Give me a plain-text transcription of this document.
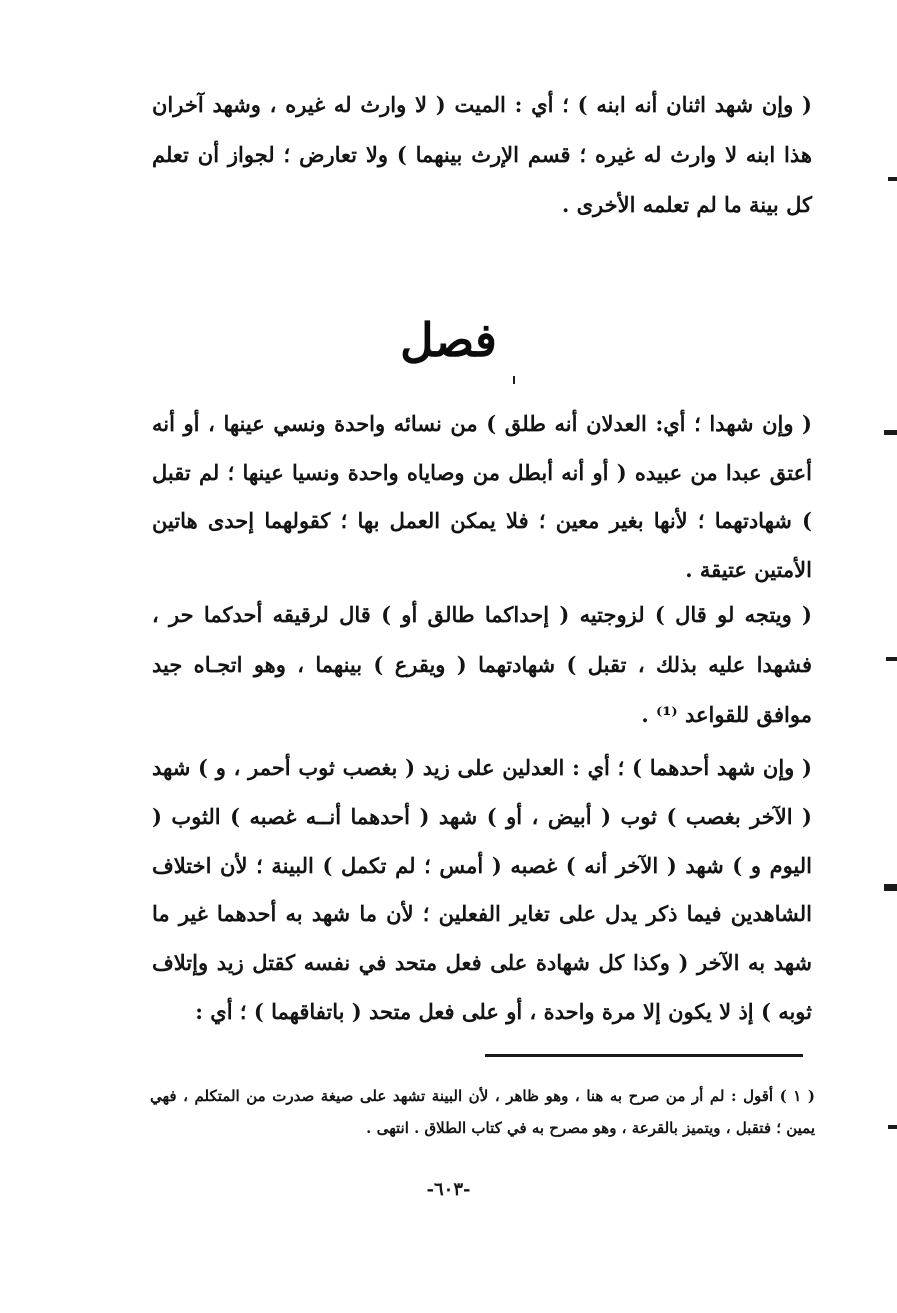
( وإن شهد اثنان أنه ابنه ) ؛ أي : الميت ( لا وارث له غيره ، وشهد آخران هذا ابنه لا وارث له غيره ؛ قسم الإرث بينهما ) ولا تعارض ؛ لجواز أن تعلم كل بينة ما لم تعلمه الأخرى .

فصل

( وإن شهدا ؛ أي: العدلان أنه طلق ) من نسائه واحدة ونسي عينها ، أو أنه أعتق عبدا من عبيده ( أو أنه أبطل من وصاياه واحدة ونسيا عينها ؛ لم تقبل ) شهادتهما ؛ لأنها بغير معين ؛ فلا يمكن العمل بها ؛ كقولهما إحدى هاتين الأمتين عتيقة .

( ويتجه لو قال ) لزوجتيه ( إحداكما طالق أو ) قال لرقيقه أحدكما حر ، فشهدا عليه بذلك ، تقبل ) شهادتهما ( ويقرع ) بينهما ، وهو اتجـاه جيد موافق للقواعد ⁽¹⁾ .

( وإن شهد أحدهما ) ؛ أي : العدلين على زيد ( بغصب ثوب أحمر ، و ) شهد ( الآخر بغصب ) ثوب ( أبيض ، أو ) شهد ( أحدهما أنــه غصبه ) الثوب ( اليوم و ) شهد ( الآخر أنه ) غصبه ( أمس ؛ لم تكمل ) البينة ؛ لأن اختلاف الشاهدين فيما ذكر يدل على تغاير الفعلين ؛ لأن ما شهد به أحدهما غير ما شهد به الآخر ( وكذا كل شهادة على فعل متحد في نفسه كقتل زيد وإتلاف ثوبه ) إذ لا يكون إلا مرة واحدة ، أو على فعل متحد ( باتفاقهما ) ؛ أي :

( ١ ) أقول : لم أر من صرح به هنا ، وهو ظاهر ، لأن البينة تشهد على صيغة صدرت من المتكلم ، فهي يمين ؛ فتقبل ، ويتميز بالقرعة ، وهو مصرح به في كتاب الطلاق . انتهى .

-٦٠٣-
